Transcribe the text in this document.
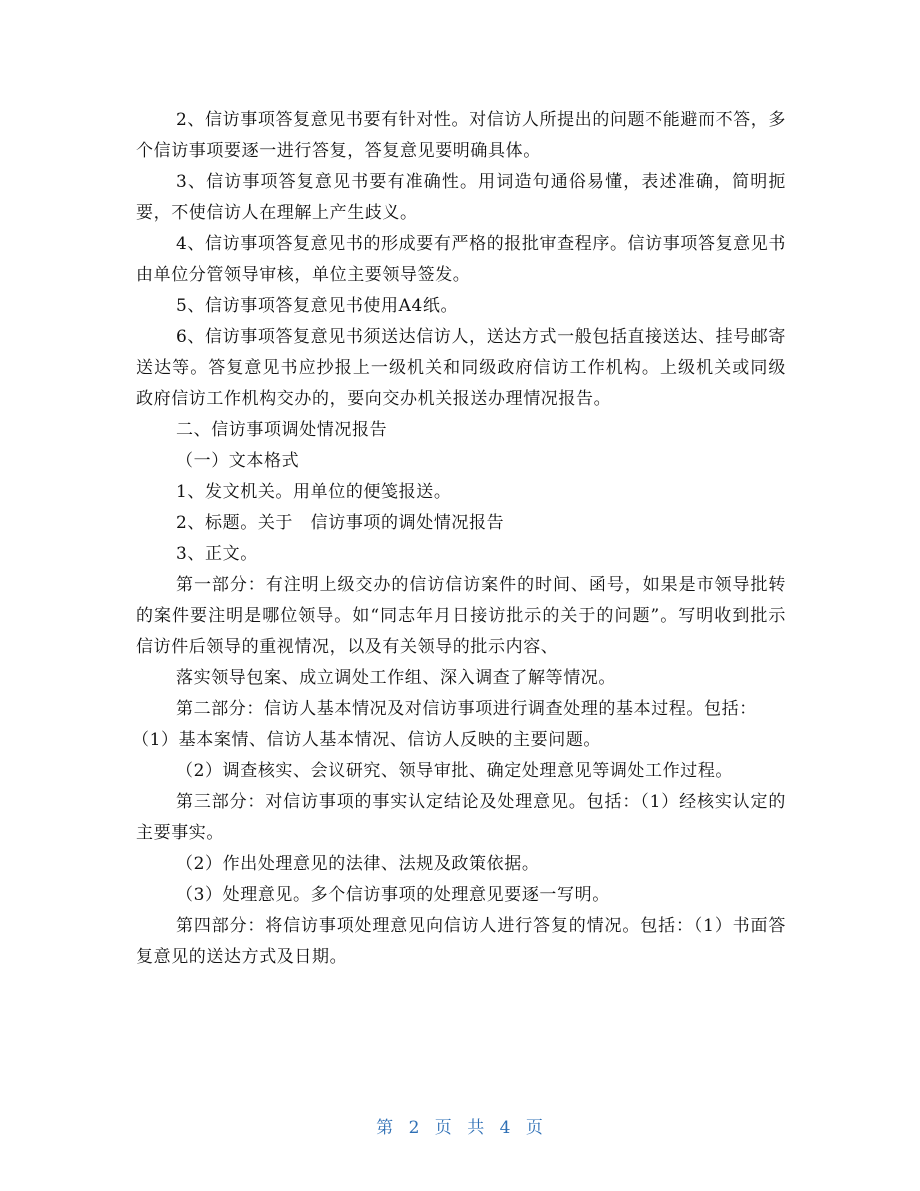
2、信访事项答复意见书要有针对性。对信访人所提出的问题不能避而不答，多个信访事项要逐一进行答复，答复意见要明确具体。

3、信访事项答复意见书要有准确性。用词造句通俗易懂，表述准确，简明扼要，不使信访人在理解上产生歧义。

4、信访事项答复意见书的形成要有严格的报批审查程序。信访事项答复意见书由单位分管领导审核，单位主要领导签发。

5、信访事项答复意见书使用A4纸。

6、信访事项答复意见书须送达信访人，送达方式一般包括直接送达、挂号邮寄送达等。答复意见书应抄报上一级机关和同级政府信访工作机构。上级机关或同级政府信访工作机构交办的，要向交办机关报送办理情况报告。

二、信访事项调处情况报告

（一）文本格式

1、发文机关。用单位的便笺报送。

2、标题。关于　信访事项的调处情况报告

3、正文。

第一部分：有注明上级交办的信访信访案件的时间、函号，如果是市领导批转的案件要注明是哪位领导。如“同志年月日接访批示的关于的问题”。写明收到批示信访件后领导的重视情况，以及有关领导的批示内容、

落实领导包案、成立调处工作组、深入调查了解等情况。

第二部分：信访人基本情况及对信访事项进行调查处理的基本过程。包括：

（1）基本案情、信访人基本情况、信访人反映的主要问题。

（2）调查核实、会议研究、领导审批、确定处理意见等调处工作过程。

第三部分：对信访事项的事实认定结论及处理意见。包括：（1）经核实认定的主要事实。

（2）作出处理意见的法律、法规及政策依据。

（3）处理意见。多个信访事项的处理意见要逐一写明。

第四部分：将信访事项处理意见向信访人进行答复的情况。包括：（1）书面答复意见的送达方式及日期。

第 2 页 共 4 页
